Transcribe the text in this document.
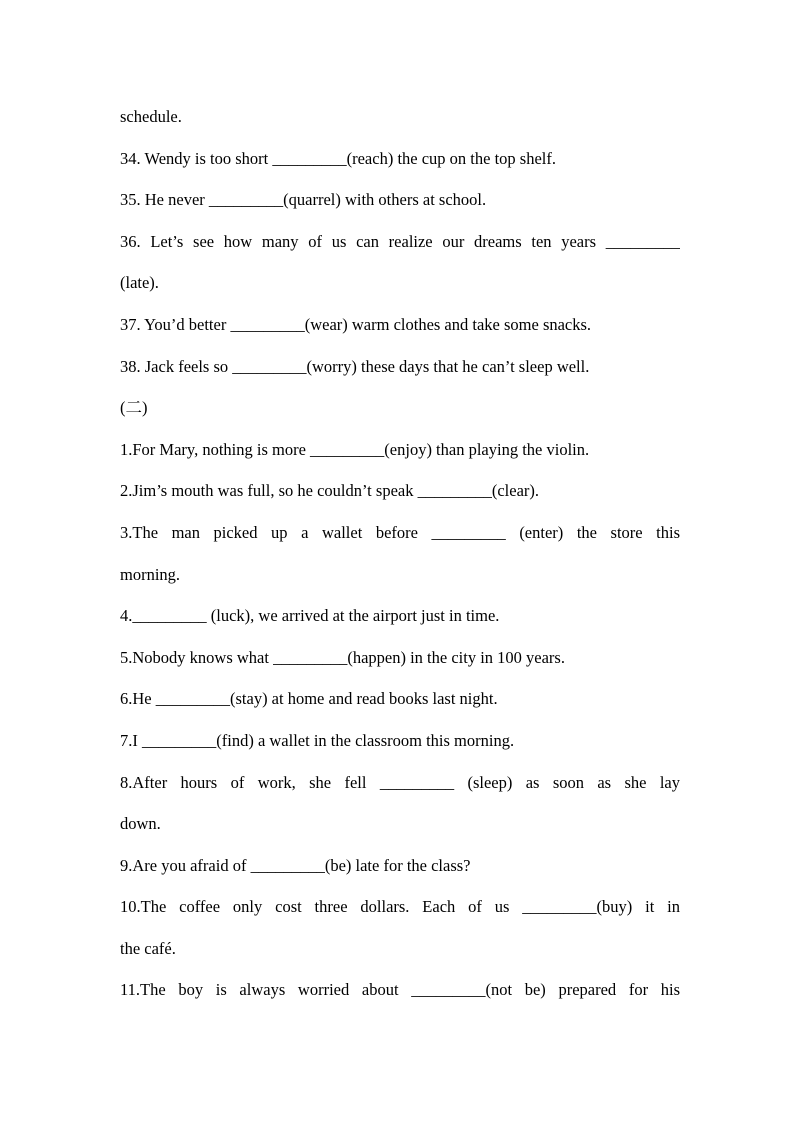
schedule.
34. Wendy is too short _________(reach) the cup on the top shelf.
35. He never _________(quarrel) with others at school.
36. Let’s see how many of us can realize our dreams ten years _________
(late).
37. You’d better _________(wear) warm clothes and take some snacks.
38. Jack feels so _________(worry) these days that he can’t sleep well.
(二)
1.For Mary, nothing is more _________(enjoy) than playing the violin.
2.Jim’s mouth was full, so he couldn’t speak _________(clear).
3.The man picked up a wallet before _________ (enter) the store this
morning.
4._________ (luck), we arrived at the airport just in time.
5.Nobody knows what _________(happen) in the city in 100 years.
6.He _________(stay) at home and read books last night.
7.I _________(find) a wallet in the classroom this morning.
8.After hours of work, she fell _________ (sleep) as soon as she lay
down.
9.Are you afraid of _________(be) late for the class?
10.The coffee only cost three dollars. Each of us _________(buy) it in
the café.
11.The boy is always worried about _________(not be) prepared for his
